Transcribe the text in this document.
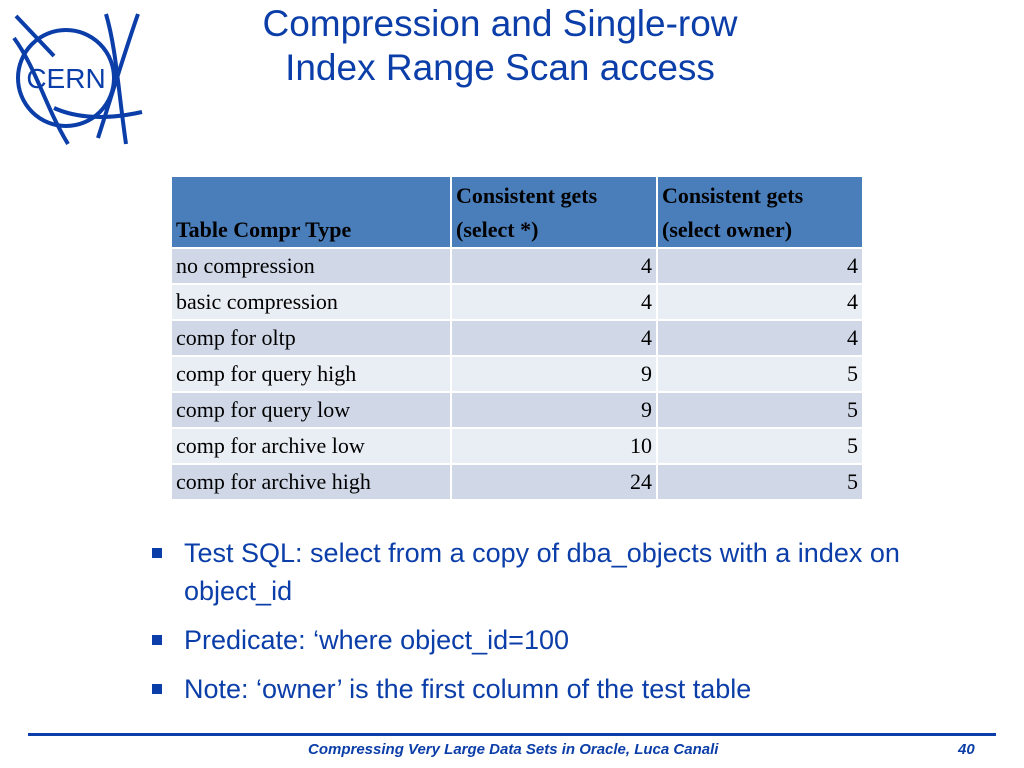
CERN
Compression and Single-row
Index Range Scan access
Table Compr Type	Consistent gets (select *)	Consistent gets (select owner)
no compression	4	4
basic compression	4	4
comp for oltp	4	4
comp for query high	9	5
comp for query low	9	5
comp for archive low	10	5
comp for archive high	24	5
Test SQL: select from a copy of dba_objects with a index on object_id
Predicate: ‘where object_id=100
Note: ‘owner’ is the first column of the test table
Compressing Very Large Data Sets in Oracle, Luca Canali	40
